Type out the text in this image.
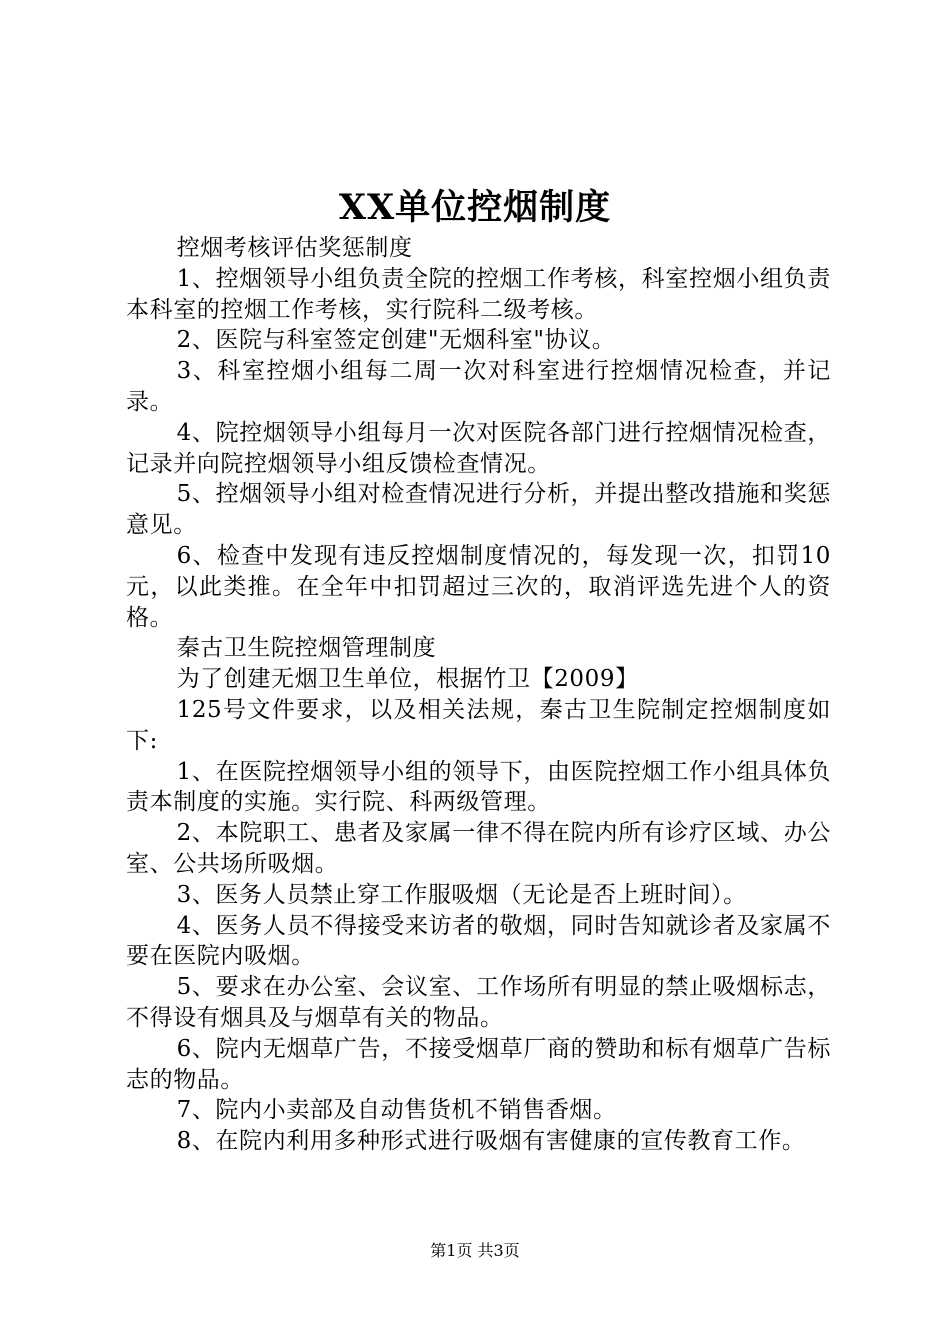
XX单位控烟制度

控烟考核评估奖惩制度

1、控烟领导小组负责全院的控烟工作考核，科室控烟小组负责本科室的控烟工作考核，实行院科二级考核。

2、医院与科室签定创建"无烟科室"协议。

3、科室控烟小组每二周一次对科室进行控烟情况检查，并记录。

4、院控烟领导小组每月一次对医院各部门进行控烟情况检查，记录并向院控烟领导小组反馈检查情况。

5、控烟领导小组对检查情况进行分析，并提出整改措施和奖惩意见。

6、检查中发现有违反控烟制度情况的，每发现一次，扣罚10元，以此类推。在全年中扣罚超过三次的，取消评选先进个人的资格。

秦古卫生院控烟管理制度

为了创建无烟卫生单位，根据竹卫【2009】

125号文件要求，以及相关法规，秦古卫生院制定控烟制度如下:

1、在医院控烟领导小组的领导下，由医院控烟工作小组具体负责本制度的实施。实行院、科两级管理。

2、本院职工、患者及家属一律不得在院内所有诊疗区域、办公室、公共场所吸烟。

3、医务人员禁止穿工作服吸烟（无论是否上班时间）。

4、医务人员不得接受来访者的敬烟，同时告知就诊者及家属不要在医院内吸烟。

5、要求在办公室、会议室、工作场所有明显的禁止吸烟标志，不得设有烟具及与烟草有关的物品。

6、院内无烟草广告，不接受烟草厂商的赞助和标有烟草广告标志的物品。

7、院内小卖部及自动售货机不销售香烟。

8、在院内利用多种形式进行吸烟有害健康的宣传教育工作。

第1页 共3页
